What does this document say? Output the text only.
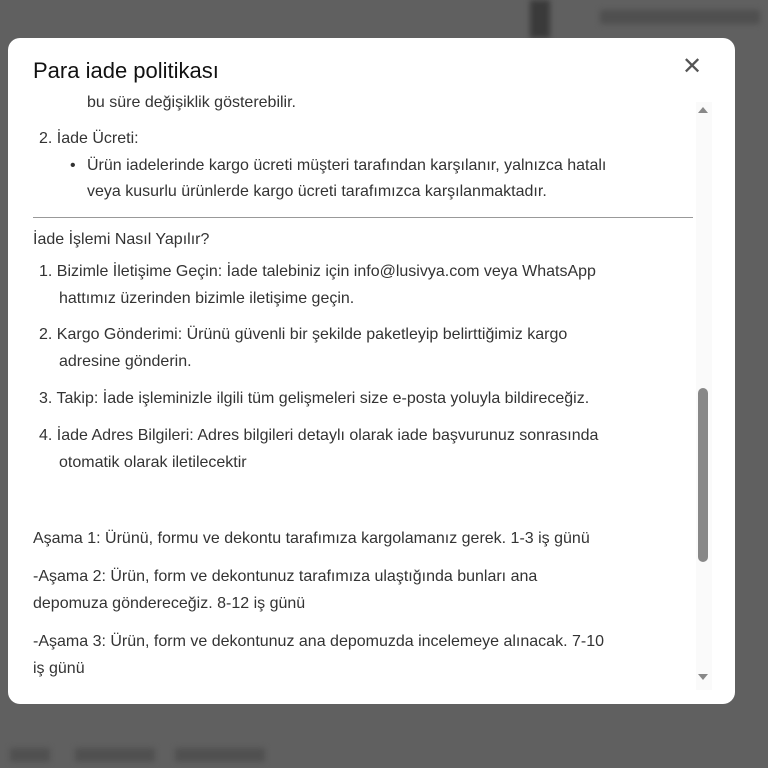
Para iade politikası	✕
bu süre değişiklik gösterebilir.
2. İade Ücreti:
• Ürün iadelerinde kargo ücreti müşteri tarafından karşılanır, yalnızca hatalı
veya kusurlu ürünlerde kargo ücreti tarafımızca karşılanmaktadır.
İade İşlemi Nasıl Yapılır?
1. Bizimle İletişime Geçin: İade talebiniz için info@lusivya.com veya WhatsApp
hattımız üzerinden bizimle iletişime geçin.
2. Kargo Gönderimi: Ürünü güvenli bir şekilde paketleyip belirttiğimiz kargo
adresine gönderin.
3. Takip: İade işleminizle ilgili tüm gelişmeleri size e-posta yoluyla bildireceğiz.
4. İade Adres Bilgileri: Adres bilgileri detaylı olarak iade başvurunuz sonrasında
otomatik olarak iletilecektir
Aşama 1: Ürünü, formu ve dekontu tarafımıza kargolamanız gerek. 1-3 iş günü
-Aşama 2: Ürün, form ve dekontunuz tarafımıza ulaştığında bunları ana
depomuza göndereceğiz. 8-12 iş günü
-Aşama 3: Ürün, form ve dekontunuz ana depomuzda incelemeye alınacak. 7-10
iş günü
